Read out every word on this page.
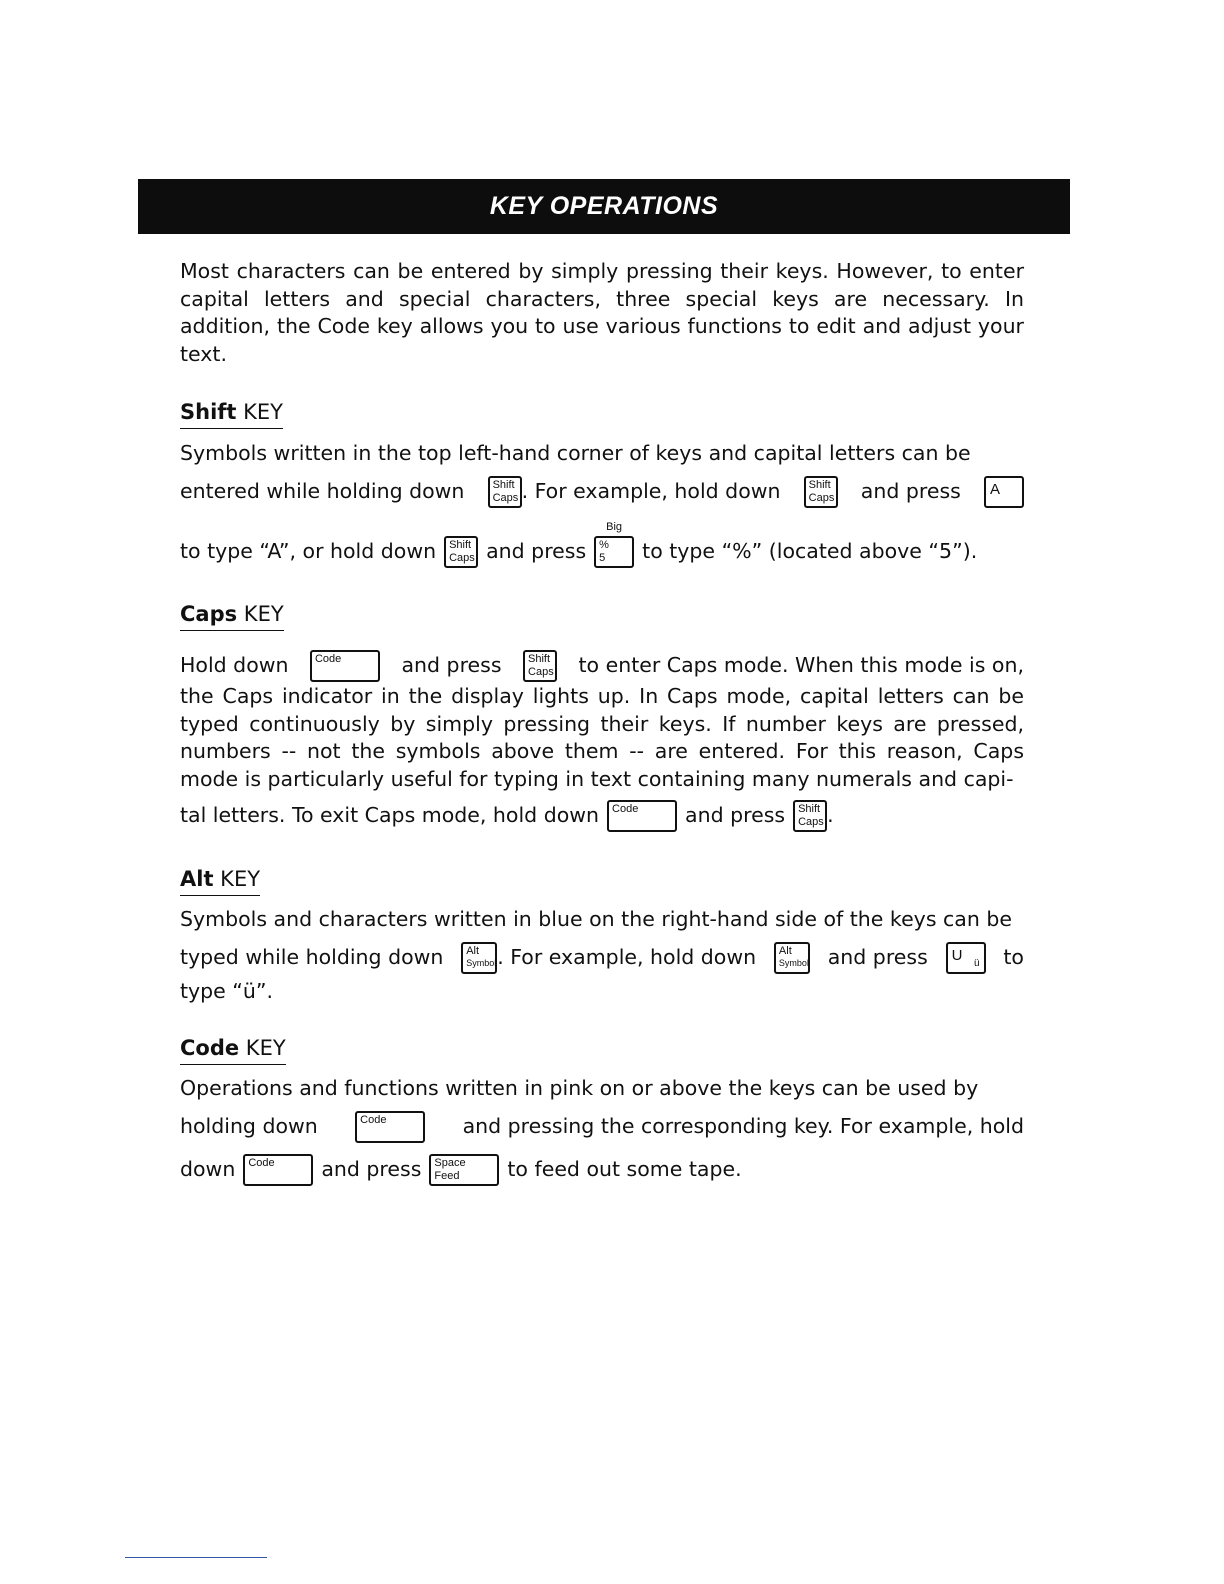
KEY OPERATIONS

Most characters can be entered by simply pressing their keys. However, to enter capital letters and special characters, three special keys are necessary. In addition, the Code key allows you to use various functions to edit and adjust your text.

Shift KEY
Symbols written in the top left-hand corner of keys and capital letters can be
entered while holding down	Shift
Caps . For example, hold down	Shift
Caps and press A
to type “A”, or hold down Shift
Caps and press
Big
%
5 to type “%” (located above “5”).
Caps KEY
Hold down Code	and press Shift
Caps to enter Caps mode. When this mode is on,

the Caps indicator in the display lights up. In Caps mode, capital letters can be typed continuously by simply pressing their keys. If number keys are pressed, numbers -- not the symbols above them -- are entered. For this reason, Caps mode is particularly useful for typing in text containing many numerals and capi-

tal letters. To exit Caps mode, hold down Code and press Shift
Caps .
Alt KEY
Symbols and characters written in blue on the right-hand side of the keys can be
typed while holding down Alt
Symbol . For example, hold down Alt
Symbol and press U ü to
type “ü”.
Code KEY
Operations and functions written in pink on or above the keys can be used by
holding down	Code	and pressing the corresponding key. For example, hold
down Code and press Space
Feed to feed out some tape.
